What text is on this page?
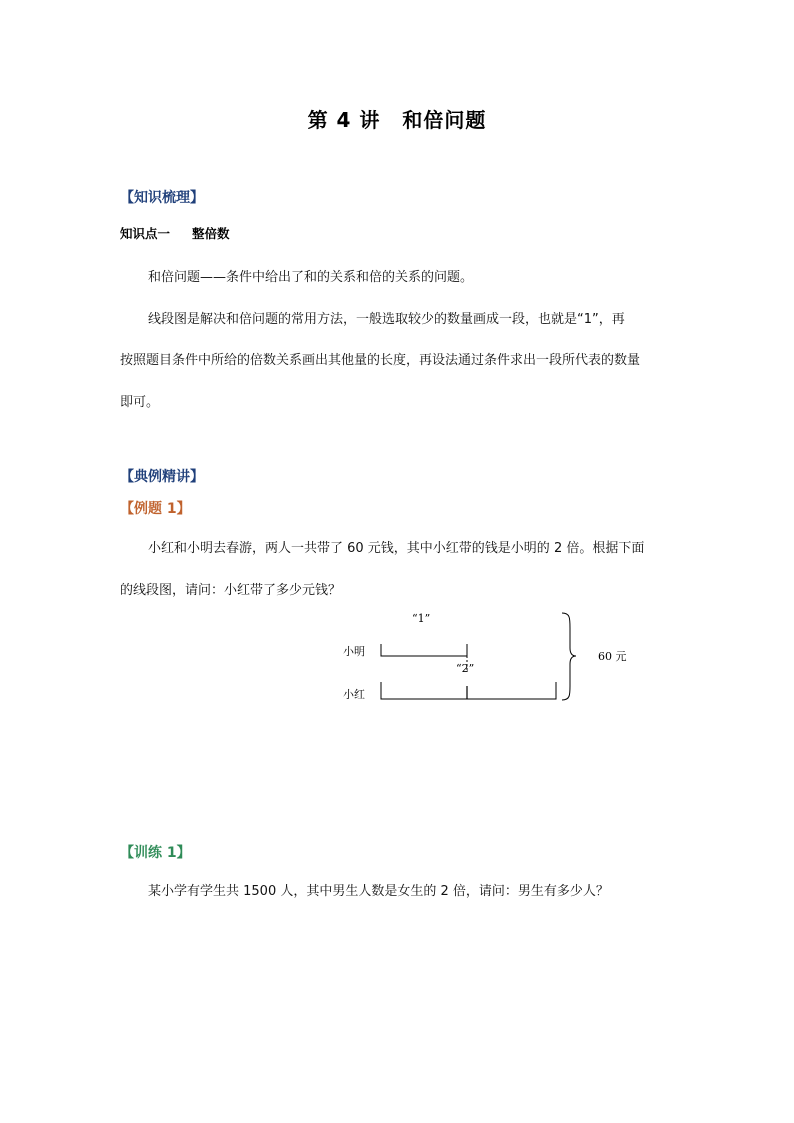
第 4 讲 和倍问题
【知识梳理】
知识点一 整倍数
和倍问题——条件中给出了和的关系和倍的关系的问题。
线段图是解决和倍问题的常用方法，一般选取较少的数量画成一段，也就是“1”，再
按照题目条件中所给的倍数关系画出其他量的长度，再设法通过条件求出一段所代表的数量
即可。
【典例精讲】
【例题 1】
小红和小明去春游，两人一共带了 60 元钱，其中小红带的钱是小明的 2 倍。根据下面
的线段图，请问：小红带了多少元钱？
“1”
小明
“2”
小红
60 元
【训练 1】
某小学有学生共 1500 人，其中男生人数是女生的 2 倍，请问：男生有多少人？
